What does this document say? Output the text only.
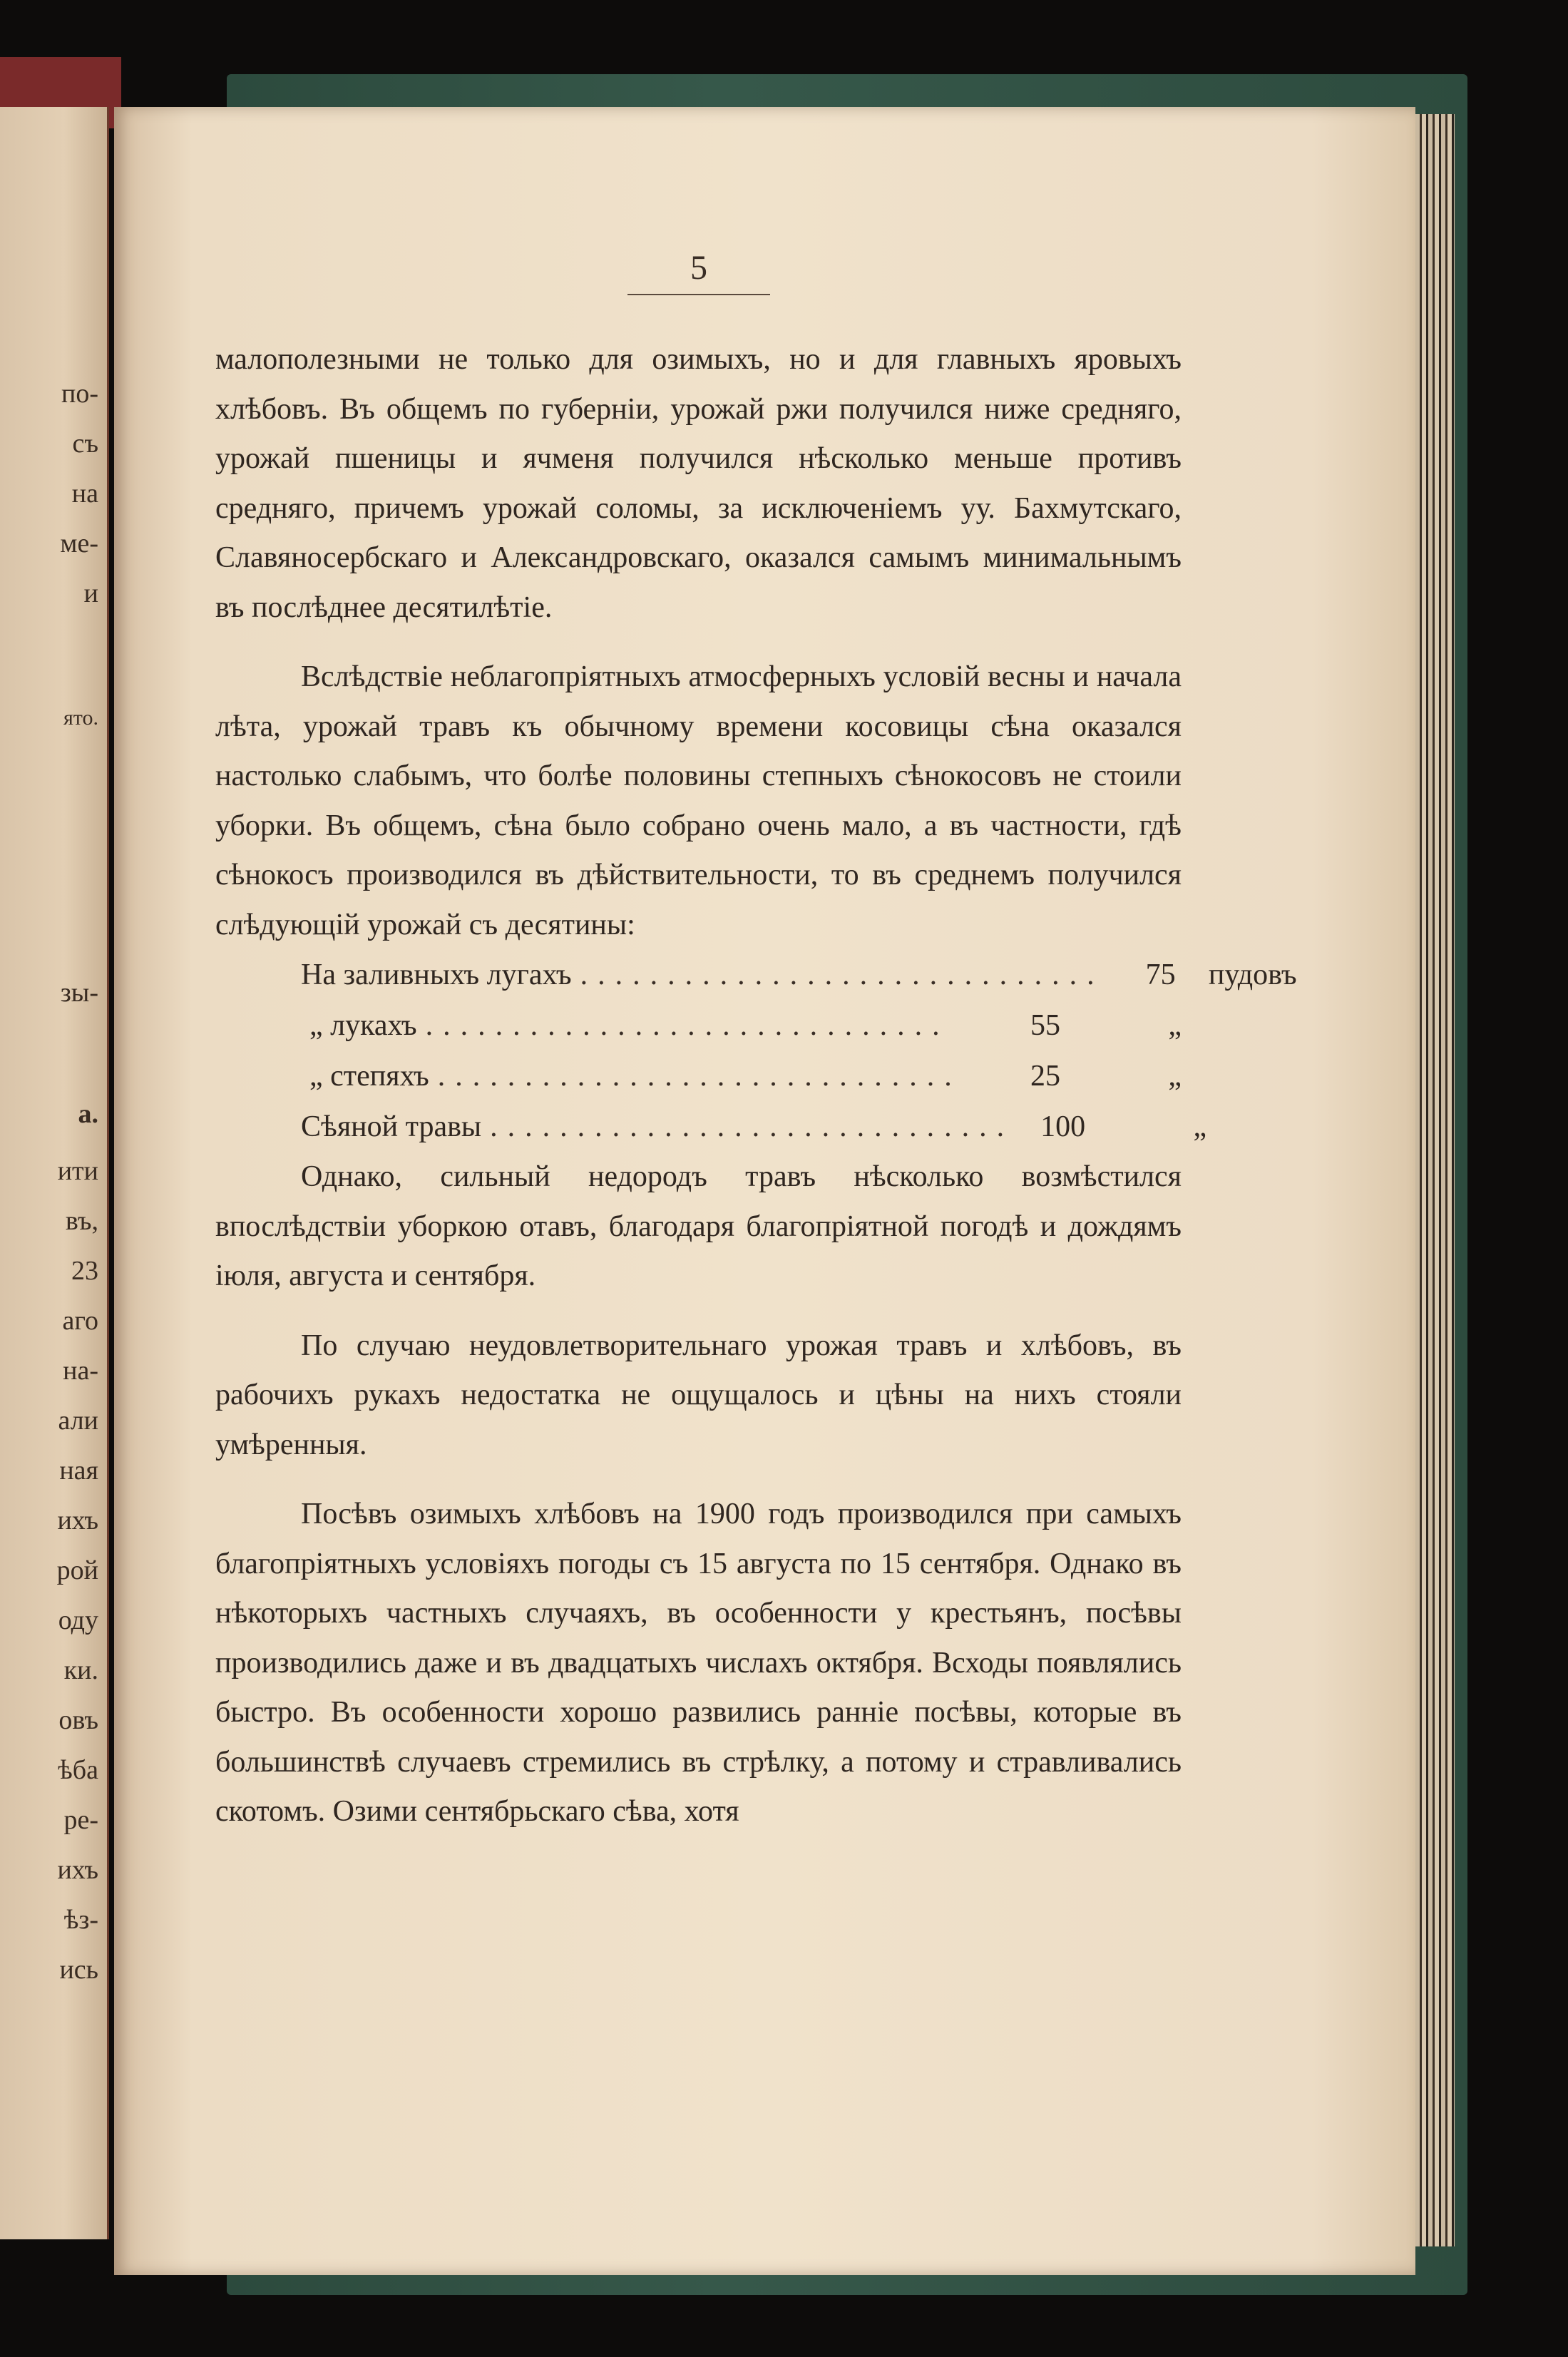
по-
съ
на
ме-
и
ято.
зы-
а.
ити
въ,
23
аго
на-
али
ная
ихъ
рой
оду
ки.
овъ
ѣба
ре-
ихъ
ѣз-
ись
5

малополезными не только для озимыхъ, но и для главныхъ яровыхъ хлѣбовъ. Въ общемъ по губерніи, урожай ржи получился ниже средняго, урожай пшеницы и ячменя получился нѣсколько меньше противъ средняго, причемъ урожай соломы, за исключеніемъ уу. Бахмутскаго, Славяносербскаго и Александровскаго, оказался самымъ минимальнымъ въ послѣднее десятилѣтіе.

Вслѣдствіе неблагопріятныхъ атмосферныхъ условій весны и начала лѣта, урожай травъ къ обычному времени косовицы сѣна оказался настолько слабымъ, что болѣе половины степныхъ сѣнокосовъ не стоили уборки. Въ общемъ, сѣна было собрано очень мало, а въ частности, гдѣ сѣнокосъ производился въ дѣйствительности, то въ среднемъ получился слѣдующій урожай съ десятины:

На заливныхъ лугахъ ..............................	75	пудовъ
„ лукахъ ..............................	55	„
„ степяхъ ..............................	25	„
Сѣяной травы .............................. 100	„

Однако, сильный недородъ травъ нѣсколько возмѣстился впослѣдствіи уборкою отавъ, благодаря благопріятной погодѣ и дождямъ іюля, августа и сентября.

По случаю неудовлетворительнаго урожая травъ и хлѣбовъ, въ рабочихъ рукахъ недостатка не ощущалось и цѣны на нихъ стояли умѣренныя.

Посѣвъ озимыхъ хлѣбовъ на 1900 годъ производился при самыхъ благопріятныхъ условіяхъ погоды съ 15 августа по 15 сентября. Однако въ нѣкоторыхъ частныхъ случаяхъ, въ особенности у крестьянъ, посѣвы производились даже и въ двадцатыхъ числахъ октября. Всходы появлялись быстро. Въ особенности хорошо развились ранніе посѣвы, которые въ большинствѣ случаевъ стремились въ стрѣлку, а потому и стравливались скотомъ. Озими сентябрьскаго сѣва, хотя
